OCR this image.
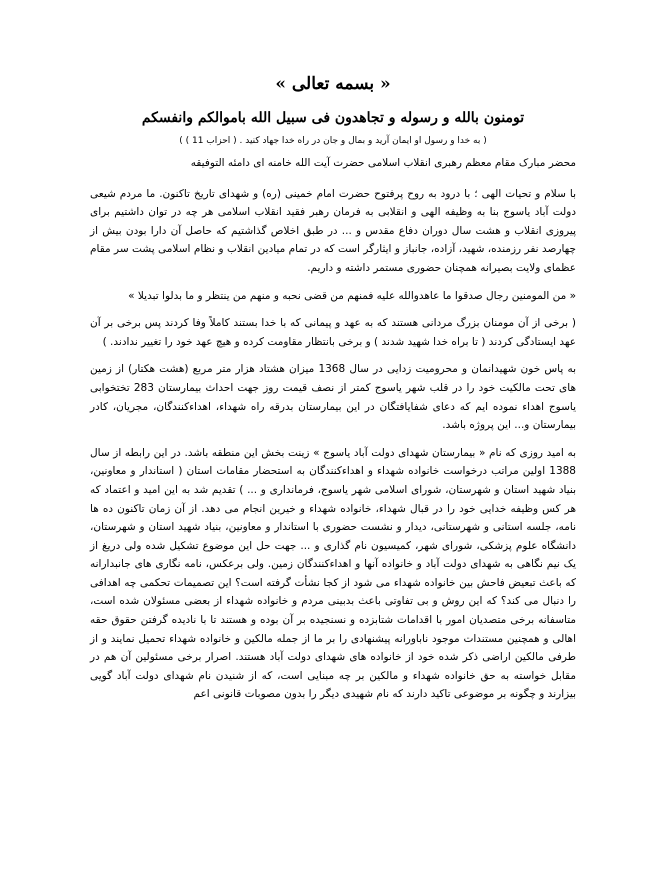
« بسمه تعالی »
تومنون بالله و رسوله و تجاهدون فی سبیل الله باموالکم وانفسکم
( به خدا و رسول او ایمان آرید و بمال و جان در راه خدا جهاد کنید . ( احزاب 11 ) )
محضر مبارک مقام معظم رهبری انقلاب اسلامی حضرت آیت الله خامنه ای دامئه التوفیقه

با سلام و تحیات الهی ؛ با درود به روح پرفتوح حضرت امام خمینی (ره) و شهدای تاریخ تاکنون. ما مردم شیعی دولت آباد یاسوج بنا به وظیفه الهی و انقلابی به فرمان رهبر فقید انقلاب اسلامی هر چه در توان داشتیم برای پیروزی انقلاب و هشت سال دوران دفاع مقدس و ... در طبق اخلاص گذاشتیم که حاصل آن دارا بودن بیش از چهارصد نفر رزمنده، شهید، آزاده، جانباز و ایثارگر است که در تمام میادین انقلاب و نظام اسلامی پشت سر مقام عظمای ولایت بصیرانه همچنان حضوری مستمر داشته و داریم.

« من المومنین رجال صدقوا ما عاهدوالله علیه فمنهم من قضی نحبه و منهم من ینتظر و ما بدلوا تبدیلا »

( برخی از آن مومنان بزرگ مردانی هستند که به عهد و پیمانی که با خدا بستند کاملاً وفا کردند پس برخی بر آن عهد ایستادگی کردند ( تا براه خدا شهید شدند ) و برخی بانتظار مقاومت کرده و هیچ عهد خود را تغییر ندادند. )

به پاس خون شهیدانمان و محرومیت زدایی در سال 1368 میزان هشتاد هزار متر مربع (هشت هکتار) از زمین های تحت مالکیت خود را در قلب شهر یاسوج کمتر از نصف قیمت روز جهت احداث بیمارستان 283 تختخوابی یاسوج اهداء نموده ایم که دعای شفایافتگان در این بیمارستان بدرقه راه شهداء، اهداءکنندگان، مجریان، کادر بیمارستان و... این پروژه باشد.

به امید روزی که نام « بیمارستان شهدای دولت آباد یاسوج » زینت بخش این منطقه باشد. در این رابطه از سال 1388 اولین مراتب درخواست خانواده شهداء و اهداءکنندگان به استحضار مقامات استان ( استاندار و معاونین، بنیاد شهید استان و شهرستان، شورای اسلامی شهر یاسوج، فرمانداری و ... ) تقدیم شد به این امید و اعتماد که هر کس وظیفه خدایی خود را در قبال شهداء، خانواده شهداء و خیرین انجام می دهد. از آن زمان تاکنون ده ها نامه، جلسه استانی و شهرستانی، دیدار و نشست حضوری با استاندار و معاونین، بنیاد شهید استان و شهرستان، دانشگاه علوم پزشکی، شورای شهر، کمیسیون نام گذاری و ... جهت حل این موضوع تشکیل شده ولی دریغ از یک نیم نگاهی به شهدای دولت آباد و خانواده آنها و اهداءکنندگان زمین. ولی برعکس، نامه نگاری های جانبدارانه که باعث تبعیض فاحش بین خانواده شهداء می شود از کجا نشأت گرفته است؟ این تصمیمات تحکمی چه اهدافی را دنبال می کند؟ که این روش و بی تفاوتی باعث بدبینی مردم و خانواده شهداء از بعضی مسئولان شده است، متاسفانه برخی متصدیان امور با اقدامات شتابزده و نسنجیده بر آن بوده و هستند تا با نادیده گرفتن حقوق حقه اهالی و همچنین مستندات موجود ناباورانه پیشنهادی را بر ما از جمله مالکین و خانواده شهداء تحمیل نمایند و از طرفی مالکین اراضی ذکر شده خود از خانواده های شهدای دولت آباد هستند. اصرار برخی مسئولین آن هم در مقابل خواسته به حق خانواده شهداء و مالکین بر چه مبنایی است، که از شنیدن نام شهدای دولت آباد گویی بیزارند و چگونه بر موضوعی تاکید دارند که نام شهیدی دیگر را بدون مصوبات قانونی اعم
